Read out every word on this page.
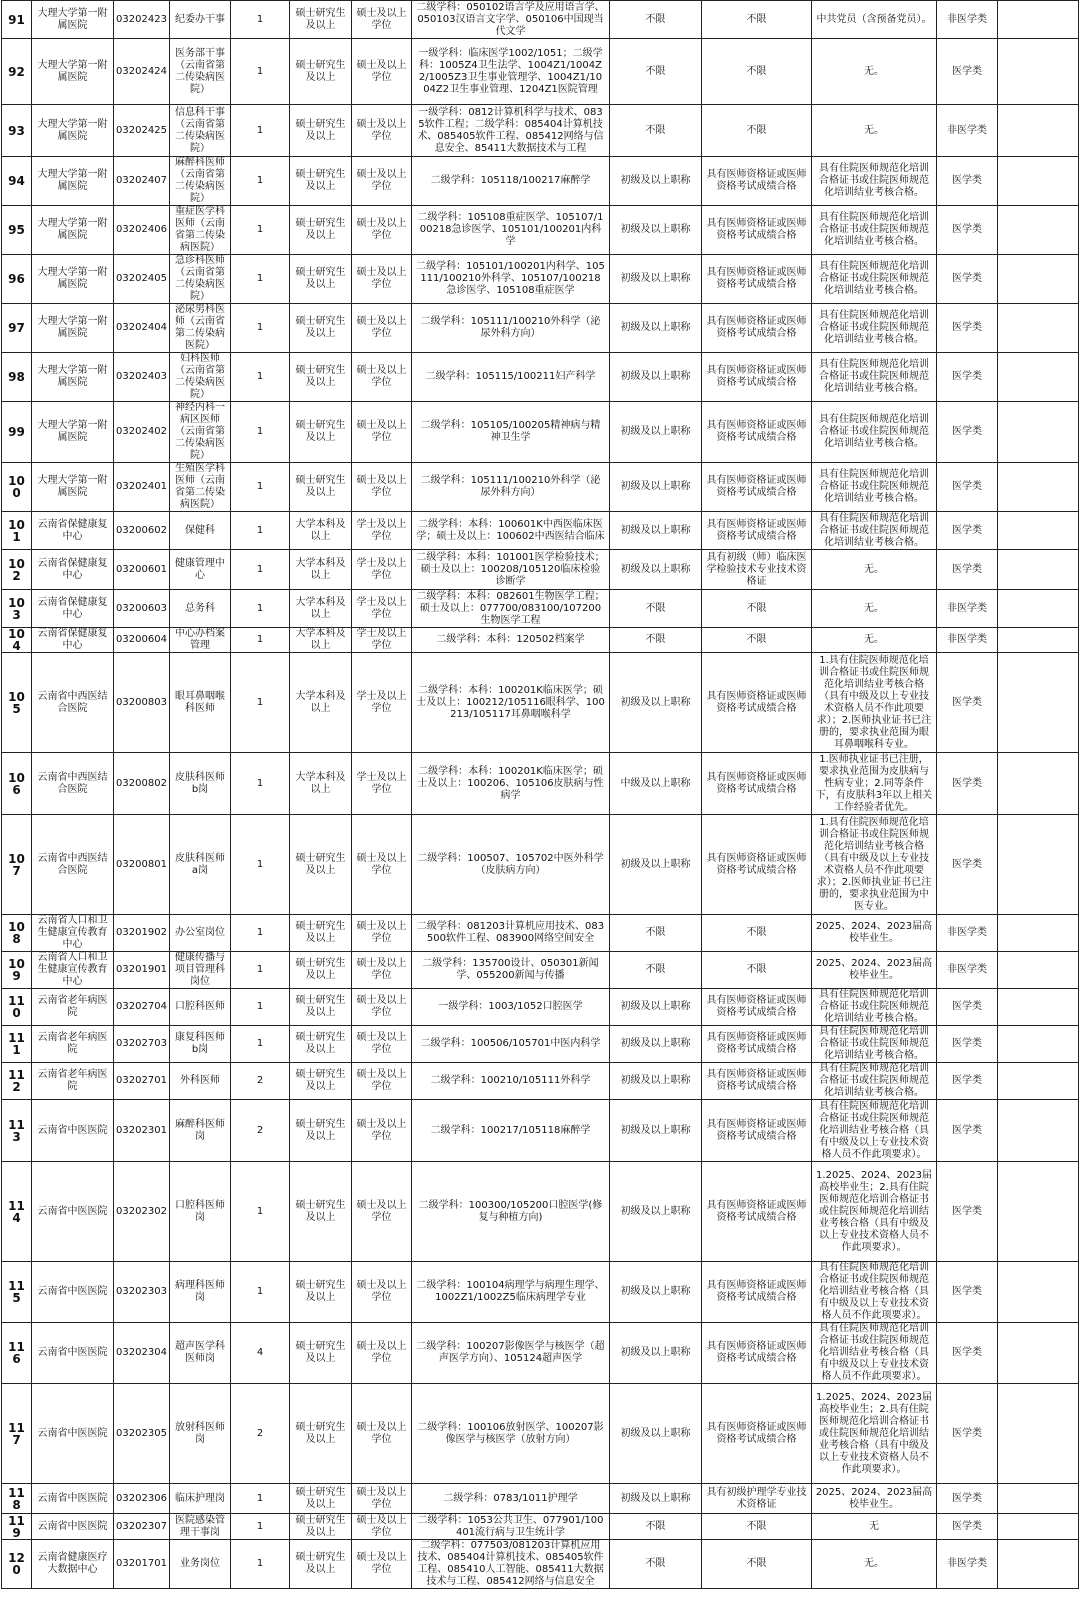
91	大理大学第一附属医院	03202423	纪委办干事	1	硕士研究生及以上	硕士及以上学位	二级学科：050102语言学及应用语言学、050103汉语言文字学、050106中国现当代文学	不限	不限	中共党员（含预备党员）。	非医学类	
92	大理大学第一附属医院	03202424	医务部干事（云南省第二传染病医院）	1	硕士研究生及以上	硕士及以上学位	一级学科：临床医学1002/1051；二级学科：1005Z4卫生法学、1004Z1/1004Z2/1005Z3卫生事业管理学、1004Z1/1004Z2卫生事业管理、1204Z1医院管理	不限	不限	无。	医学类	
93	大理大学第一附属医院	03202425	信息科干事（云南省第二传染病医院）	1	硕士研究生及以上	硕士及以上学位	一级学科：0812计算机科学与技术、0835软件工程；二级学科：085404计算机技术、085405软件工程、085412网络与信息安全、85411大数据技术与工程	不限	不限	无。	非医学类	
94	大理大学第一附属医院	03202407	麻醉科医师（云南省第二传染病医院）	1	硕士研究生及以上	硕士及以上学位	二级学科：105118/100217麻醉学	初级及以上职称	具有医师资格证或医师资格考试成绩合格	具有住院医师规范化培训合格证书或住院医师规范化培训结业考核合格。	医学类	
95	大理大学第一附属医院	03202406	重症医学科医师（云南省第二传染病医院）	1	硕士研究生及以上	硕士及以上学位	二级学科：105108重症医学、105107/100218急诊医学、105101/100201内科学	初级及以上职称	具有医师资格证或医师资格考试成绩合格	具有住院医师规范化培训合格证书或住院医师规范化培训结业考核合格。	医学类	
96	大理大学第一附属医院	03202405	急诊科医师（云南省第二传染病医院）	1	硕士研究生及以上	硕士及以上学位	二级学科：105101/100201内科学、105111/100210外科学、105107/100218急诊医学、105108重症医学	初级及以上职称	具有医师资格证或医师资格考试成绩合格	具有住院医师规范化培训合格证书或住院医师规范化培训结业考核合格。	医学类	
97	大理大学第一附属医院	03202404	泌尿男科医师（云南省第二传染病医院）	1	硕士研究生及以上	硕士及以上学位	二级学科：105111/100210外科学（泌尿外科方向）	初级及以上职称	具有医师资格证或医师资格考试成绩合格	具有住院医师规范化培训合格证书或住院医师规范化培训结业考核合格。	医学类	
98	大理大学第一附属医院	03202403	妇科医师（云南省第二传染病医院）	1	硕士研究生及以上	硕士及以上学位	二级学科：105115/100211妇产科学	初级及以上职称	具有医师资格证或医师资格考试成绩合格	具有住院医师规范化培训合格证书或住院医师规范化培训结业考核合格。	医学类	
99	大理大学第一附属医院	03202402	神经内科一病区医师（云南省第二传染病医院）	1	硕士研究生及以上	硕士及以上学位	二级学科：105105/100205精神病与精神卫生学	初级及以上职称	具有医师资格证或医师资格考试成绩合格	具有住院医师规范化培训合格证书或住院医师规范化培训结业考核合格。	医学类	
100	大理大学第一附属医院	03202401	生殖医学科医师（云南省第二传染病医院）	1	硕士研究生及以上	硕士及以上学位	二级学科：105111/100210外科学（泌尿外科方向）	初级及以上职称	具有医师资格证或医师资格考试成绩合格	具有住院医师规范化培训合格证书或住院医师规范化培训结业考核合格。	医学类	
101	云南省保健康复中心	03200602	保健科	1	大学本科及以上	学士及以上学位	二级学科：本科：100601K中西医临床医学；硕士及以上：100602中西医结合临床	初级及以上职称	具有医师资格证或医师资格考试成绩合格	具有住院医师规范化培训合格证书或住院医师规范化培训结业考核合格。	医学类	
102	云南省保健康复中心	03200601	健康管理中心	1	大学本科及以上	学士及以上学位	二级学科：本科：101001医学检验技术；硕士及以上：100208/105120临床检验诊断学	初级及以上职称	具有初级（师）临床医学检验技术专业技术资格证	无。	医学类	
103	云南省保健康复中心	03200603	总务科	1	大学本科及以上	学士及以上学位	二级学科：本科：082601生物医学工程；硕士及以上：077700/083100/107200生物医学工程	不限	不限	无。	非医学类	
104	云南省保健康复中心	03200604	中心办档案管理	1	大学本科及以上	学士及以上学位	二级学科：本科：120502档案学	不限	不限	无。	非医学类	
105	云南省中西医结合医院	03200803	眼耳鼻咽喉科医师	1	大学本科及以上	学士及以上学位	二级学科：本科：100201K临床医学；硕士及以上：100212/105116眼科学、100213/105117耳鼻咽喉科学	初级及以上职称	具有医师资格证或医师资格考试成绩合格	1.具有住院医师规范化培训合格证书或住院医师规范化培训结业考核合格（具有中级及以上专业技术资格人员不作此项要求）；2.医师执业证书已注册的，要求执业范围为眼耳鼻咽喉科专业。	医学类	
106	云南省中西医结合医院	03200802	皮肤科医师b岗	1	大学本科及以上	学士及以上学位	二级学科：本科：100201K临床医学；硕士及以上：100206、105106皮肤病与性病学	中级及以上职称	具有医师资格证或医师资格考试成绩合格	1.医师执业证书已注册，要求执业范围为皮肤病与性病专业；2.同等条件下，有皮肤科3年以上相关工作经验者优先。	医学类	
107	云南省中西医结合医院	03200801	皮肤科医师a岗	1	硕士研究生及以上	硕士及以上学位	二级学科：100507、105702中医外科学（皮肤病方向）	初级及以上职称	具有医师资格证或医师资格考试成绩合格	1.具有住院医师规范化培训合格证书或住院医师规范化培训结业考核合格（具有中级及以上专业技术资格人员不作此项要求）；2.医师执业证书已注册的，要求执业范围为中医专业。	医学类	
108	云南省人口和卫生健康宣传教育中心	03201902	办公室岗位	1	硕士研究生及以上	硕士及以上学位	二级学科：081203计算机应用技术、083500软件工程、083900网络空间安全	不限	不限	2025、2024、2023届高校毕业生。	非医学类	
109	云南省人口和卫生健康宣传教育中心	03201901	健康传播与项目管理科岗位	1	硕士研究生及以上	硕士及以上学位	二级学科：135700设计、050301新闻学、055200新闻与传播	不限	不限	2025、2024、2023届高校毕业生。	非医学类	
110	云南省老年病医院	03202704	口腔科医师	1	硕士研究生及以上	硕士及以上学位	一级学科：1003/1052口腔医学	初级及以上职称	具有医师资格证或医师资格考试成绩合格	具有住院医师规范化培训合格证书或住院医师规范化培训结业考核合格。	医学类	
111	云南省老年病医院	03202703	康复科医师b岗	1	硕士研究生及以上	硕士及以上学位	二级学科：100506/105701中医内科学	初级及以上职称	具有医师资格证或医师资格考试成绩合格	具有住院医师规范化培训合格证书或住院医师规范化培训结业考核合格。	医学类	
112	云南省老年病医院	03202701	外科医师	2	硕士研究生及以上	硕士及以上学位	二级学科：100210/105111外科学	初级及以上职称	具有医师资格证或医师资格考试成绩合格	具有住院医师规范化培训合格证书或住院医师规范化培训结业考核合格。	医学类	
113	云南省中医医院	03202301	麻醉科医师岗	2	硕士研究生及以上	硕士及以上学位	二级学科：100217/105118麻醉学	初级及以上职称	具有医师资格证或医师资格考试成绩合格	具有住院医师规范化培训合格证书或住院医师规范化培训结业考核合格（具有中级及以上专业技术资格人员不作此项要求）。	医学类	
114	云南省中医医院	03202302	口腔科医师岗	1	硕士研究生及以上	硕士及以上学位	二级学科：100300/105200口腔医学(修复与种植方向)	初级及以上职称	具有医师资格证或医师资格考试成绩合格	1.2025、2024、2023届高校毕业生；2.具有住院医师规范化培训合格证书或住院医师规范化培训结业考核合格（具有中级及以上专业技术资格人员不作此项要求）。	医学类	
115	云南省中医医院	03202303	病理科医师岗	1	硕士研究生及以上	硕士及以上学位	二级学科：100104病理学与病理生理学、1002Z1/1002Z5临床病理学专业	初级及以上职称	具有医师资格证或医师资格考试成绩合格	具有住院医师规范化培训合格证书或住院医师规范化培训结业考核合格（具有中级及以上专业技术资格人员不作此项要求）。	医学类	
116	云南省中医医院	03202304	超声医学科医师岗	4	硕士研究生及以上	硕士及以上学位	二级学科：100207影像医学与核医学（超声医学方向）、105124超声医学	初级及以上职称	具有医师资格证或医师资格考试成绩合格	具有住院医师规范化培训合格证书或住院医师规范化培训结业考核合格（具有中级及以上专业技术资格人员不作此项要求）。	医学类	
117	云南省中医医院	03202305	放射科医师岗	2	硕士研究生及以上	硕士及以上学位	二级学科：100106放射医学、100207影像医学与核医学（放射方向）	初级及以上职称	具有医师资格证或医师资格考试成绩合格	1.2025、2024、2023届高校毕业生；2.具有住院医师规范化培训合格证书或住院医师规范化培训结业考核合格（具有中级及以上专业技术资格人员不作此项要求）。	医学类	
118	云南省中医医院	03202306	临床护理岗	1	硕士研究生及以上	硕士及以上学位	二级学科：0783/1011护理学	初级及以上职称	具有初级护理学专业技术资格证	2025、2024、2023届高校毕业生。	医学类	
119	云南省中医医院	03202307	医院感染管理干事岗	1	硕士研究生及以上	硕士及以上学位	二级学科：1053公共卫生、077901/100401流行病与卫生统计学	不限	不限	无	医学类	
120	云南省健康医疗大数据中心	03201701	业务岗位	1	硕士研究生及以上	硕士及以上学位	二级学科：077503/081203计算机应用技术、085404计算机技术、085405软件工程、085410人工智能、085411大数据技术与工程、085412网络与信息安全	不限	不限	无。	非医学类	
